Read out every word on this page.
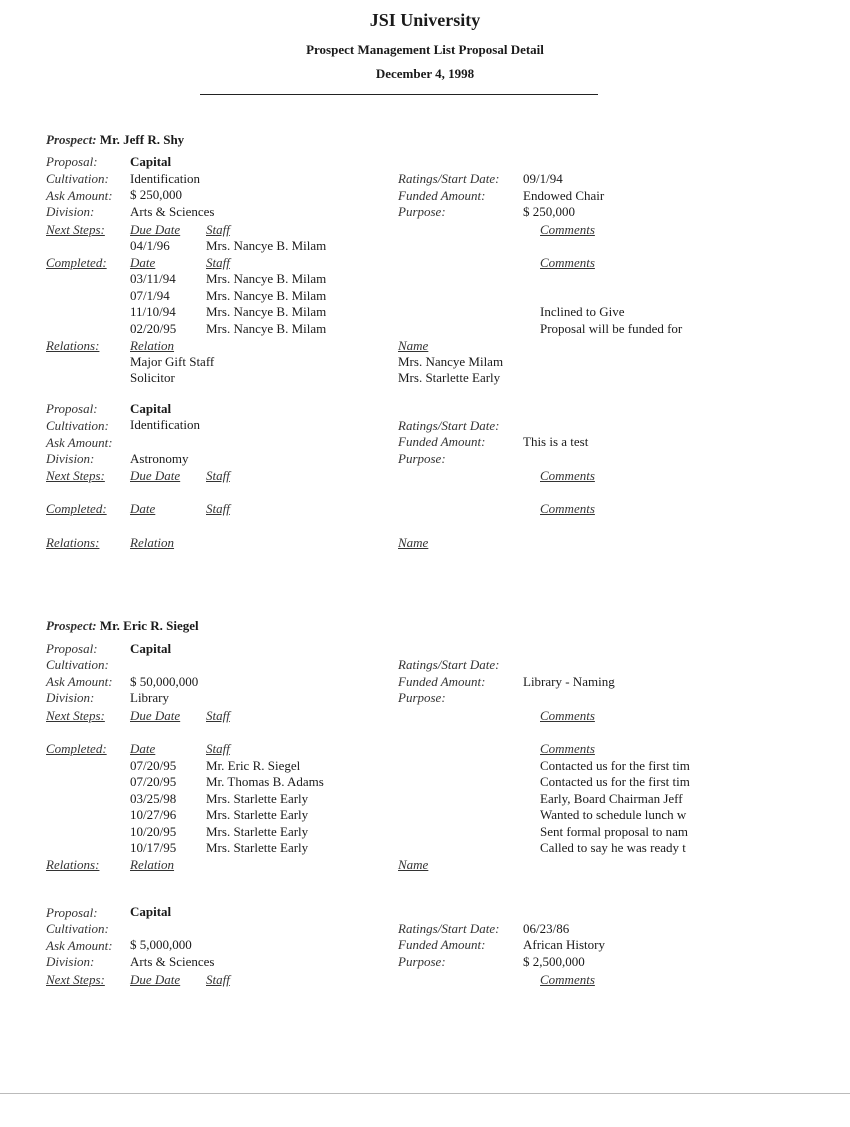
JSI University
Prospect Management List Proposal Detail
December 4, 1998
Prospect: Mr. Jeff R. Shy
Proposal: Capital
Cultivation: Identification
Ask Amount: $ 250,000
Division:	Arts & Sciences
Ratings/Start Date: 09/1/94
Funded Amount:	Endowed Chair
Purpose:	$ 250,000
Next Steps: Due Date Staff	Comments
04/1/96	Mrs. Nancye B. Milam
Completed: Date	Staff	Comments
03/11/94 Mrs. Nancye B. Milam
07/1/94	Mrs. Nancye B. Milam
11/10/94 Mrs. Nancye B. Milam	Inclined to Give
02/20/95 Mrs. Nancye B. Milam	Proposal will be funded for
Relations: Relation	Name
Major Gift Staff	Mrs. Nancye Milam
Solicitor	Mrs. Starlette Early
Proposal: Capital
Cultivation: Identification
Ask Amount:
Division:	Astronomy
Ratings/Start Date:
Funded Amount:	This is a test
Purpose:
Next Steps: Due Date Staff	Comments
Completed: Date	Staff	Comments
Relations: Relation	Name
Prospect: Mr. Eric R. Siegel
Proposal: Capital
Cultivation:
Ask Amount: $ 50,000,000
Division:	Library
Ratings/Start Date:
Funded Amount:	Library - Naming
Purpose:
Next Steps: Due Date Staff	Comments
Completed: Date	Staff	Comments
07/20/95 Mr. Eric R. Siegel	Contacted us for the first tim
07/20/95 Mr. Thomas B. Adams	Contacted us for the first tim
03/25/98 Mrs. Starlette Early	Early, Board Chairman Jeff
10/27/96 Mrs. Starlette Early	Wanted to schedule lunch w
10/20/95 Mrs. Starlette Early	Sent formal proposal to nam
10/17/95 Mrs. Starlette Early	Called to say he was ready t
Relations: Relation	Name
Proposal: Capital
Cultivation:
Ask Amount: $ 5,000,000
Division:	Arts & Sciences
Ratings/Start Date: 06/23/86
Funded Amount:	African History
Purpose:	$ 2,500,000
Next Steps: Due Date Staff	Comments
